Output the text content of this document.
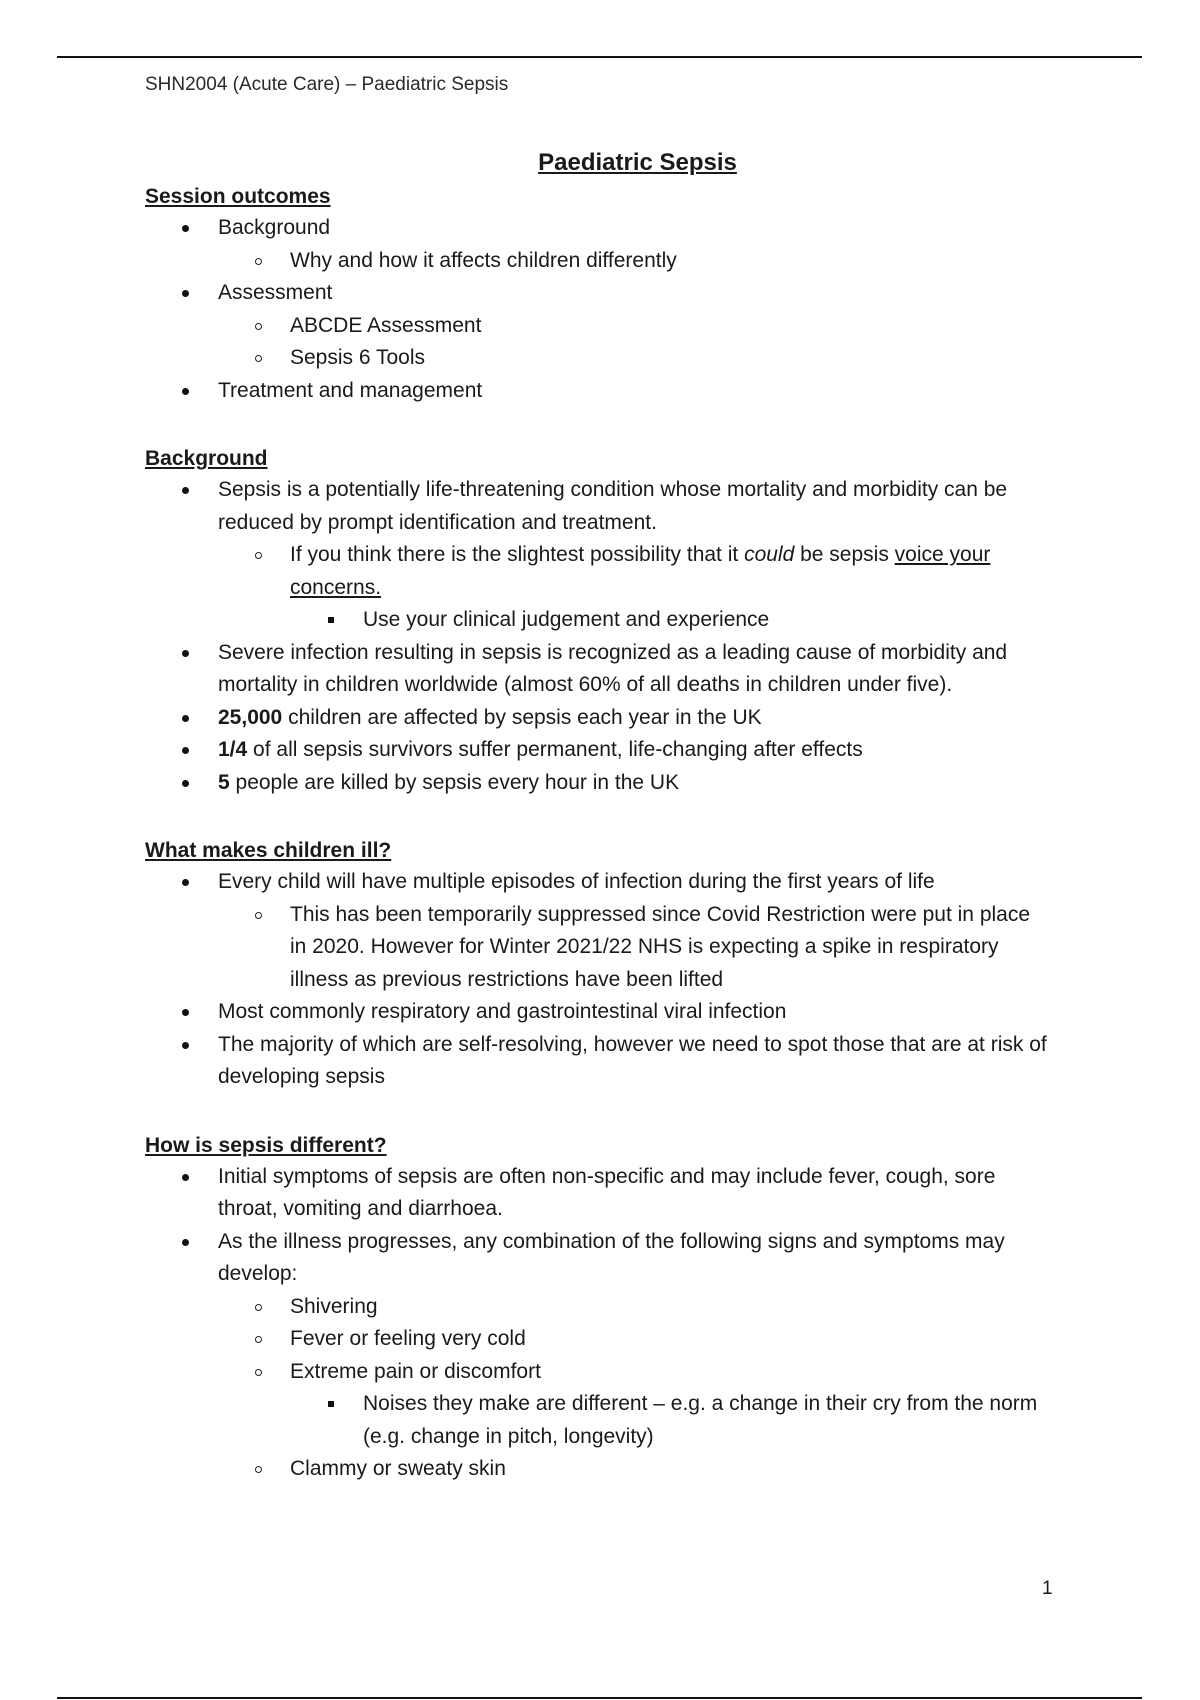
SHN2004 (Acute Care) – Paediatric Sepsis
Paediatric Sepsis
Session outcomes
Background
Why and how it affects children differently
Assessment
ABCDE Assessment
Sepsis 6 Tools
Treatment and management
Background
Sepsis is a potentially life-threatening condition whose mortality and morbidity can be reduced by prompt identification and treatment.
If you think there is the slightest possibility that it could be sepsis voice your concerns.
Use your clinical judgement and experience
Severe infection resulting in sepsis is recognized as a leading cause of morbidity and mortality in children worldwide (almost 60% of all deaths in children under five).
25,000 children are affected by sepsis each year in the UK
1/4 of all sepsis survivors suffer permanent, life-changing after effects
5 people are killed by sepsis every hour in the UK
What makes children ill?
Every child will have multiple episodes of infection during the first years of life
This has been temporarily suppressed since Covid Restriction were put in place in 2020. However for Winter 2021/22 NHS is expecting a spike in respiratory illness as previous restrictions have been lifted
Most commonly respiratory and gastrointestinal viral infection
The majority of which are self-resolving, however we need to spot those that are at risk of developing sepsis
How is sepsis different?
Initial symptoms of sepsis are often non-specific and may include fever, cough, sore throat, vomiting and diarrhoea.
As the illness progresses, any combination of the following signs and symptoms may develop:
Shivering
Fever or feeling very cold
Extreme pain or discomfort
Noises they make are different – e.g. a change in their cry from the norm (e.g. change in pitch, longevity)
Clammy or sweaty skin
1
